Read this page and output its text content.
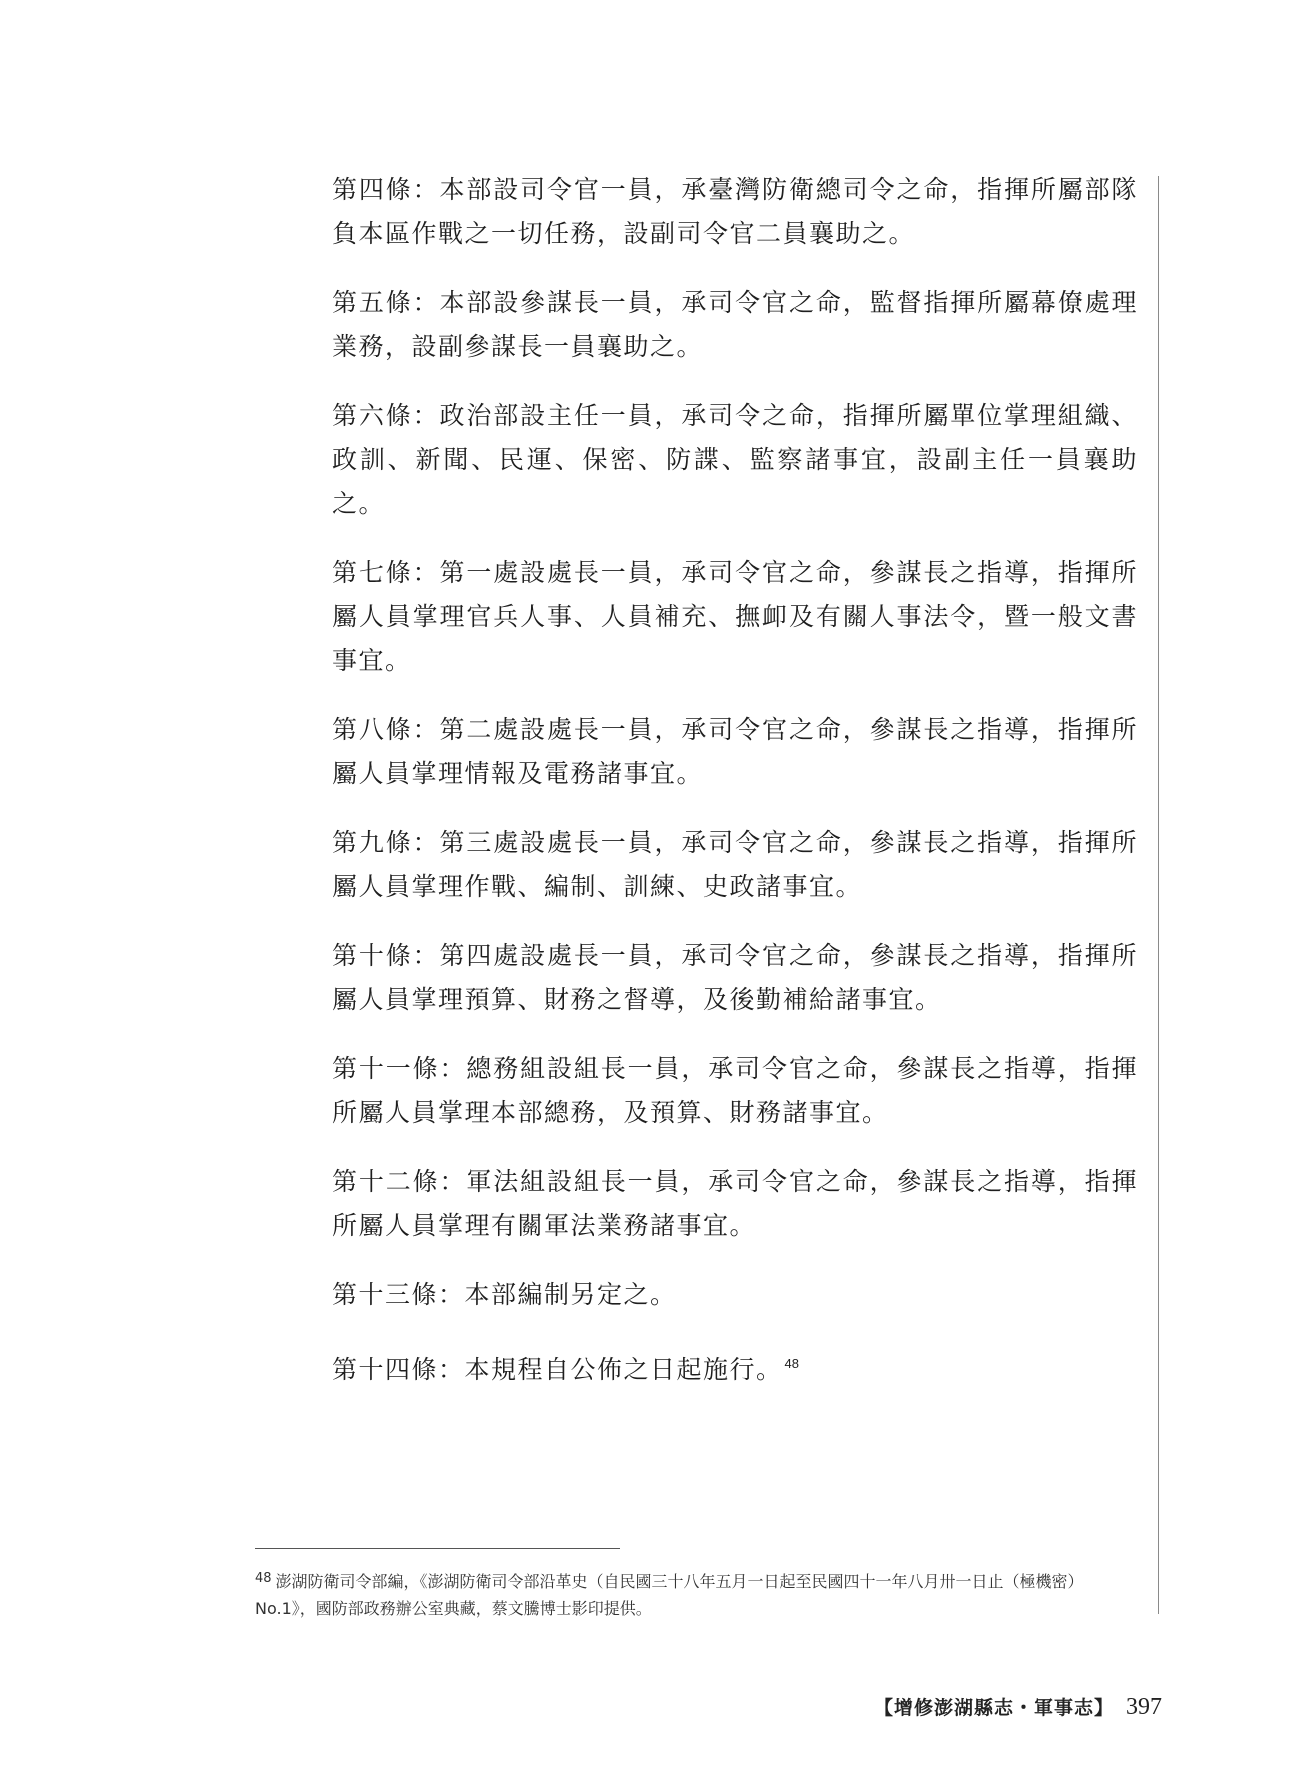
第四條：本部設司令官一員，承臺灣防衛總司令之命，指揮所屬部隊負本區作戰之一切任務，設副司令官二員襄助之。

第五條：本部設參謀長一員，承司令官之命，監督指揮所屬幕僚處理業務，設副參謀長一員襄助之。

第六條：政治部設主任一員，承司令之命，指揮所屬單位掌理組織、政訓、新聞、民運、保密、防諜、監察諸事宜，設副主任一員襄助之。

第七條：第一處設處長一員，承司令官之命，參謀長之指導，指揮所屬人員掌理官兵人事、人員補充、撫卹及有關人事法令，暨一般文書事宜。

第八條：第二處設處長一員，承司令官之命，參謀長之指導，指揮所屬人員掌理情報及電務諸事宜。

第九條：第三處設處長一員，承司令官之命，參謀長之指導，指揮所屬人員掌理作戰、編制、訓練、史政諸事宜。

第十條：第四處設處長一員，承司令官之命，參謀長之指導，指揮所屬人員掌理預算、財務之督導，及後勤補給諸事宜。

第十一條：總務組設組長一員，承司令官之命，參謀長之指導，指揮所屬人員掌理本部總務，及預算、財務諸事宜。

第十二條：軍法組設組長一員，承司令官之命，參謀長之指導，指揮所屬人員掌理有關軍法業務諸事宜。

第十三條：本部編制另定之。

第十四條：本規程自公佈之日起施行。 $^{48}$

$^{48}$ 澎湖防衛司令部編，《澎湖防衛司令部沿革史（自民國三十八年五月一日起至民國四十一年八月卅一日止（極機密）No.1》，國防部政務辦公室典藏，蔡文騰博士影印提供。
【增修澎湖縣志・軍事志】 397
